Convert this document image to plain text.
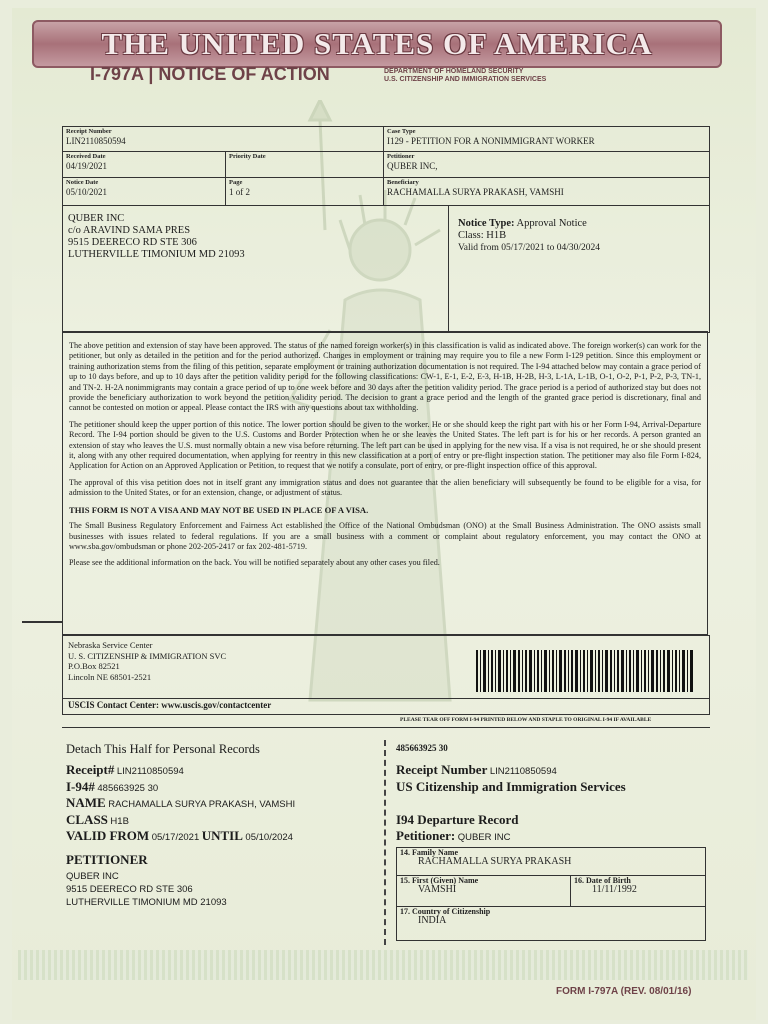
THE UNITED STATES OF AMERICA
I-797A | NOTICE OF ACTION	DEPARTMENT OF HOMELAND SECURITY
U.S. CITIZENSHIP AND IMMIGRATION SERVICES
Receipt Number
LIN2110850594
Case Type
I129 - PETITION FOR A NONIMMIGRANT WORKER
Received Date
04/19/2021
Priority Date	Petitioner
QUBER INC,
Notice Date
05/10/2021
Page
1 of 2
Beneficiary
RACHAMALLA SURYA PRAKASH, VAMSHI
QUBER INC
c/o ARAVIND SAMA PRES
9515 DEERECO RD STE 306
LUTHERVILLE TIMONIUM MD 21093
Notice Type: Approval Notice
Class: H1B
Valid from 05/17/2021 to 04/30/2024

The above petition and extension of stay have been approved. The status of the named foreign worker(s) in this classification is valid as indicated above. The foreign worker(s) can work for the petitioner, but only as detailed in the petition and for the period authorized. Changes in employment or training may require you to file a new Form I-129 petition. Since this employment or training authorization stems from the filing of this petition, separate employment or training authorization documentation is not required. The I-94 attached below may contain a grace period of up to 10 days before, and up to 10 days after the petition validity period for the following classifications: CW-1, E-1, E-2, E-3, H-1B, H-2B, H-3, L-1A, L-1B, O-1, O-2, P-1, P-2, P-3, TN-1, and TN-2. H-2A nonimmigrants may contain a grace period of up to one week before and 30 days after the petition validity period. The grace period is a period of authorized stay but does not provide the beneficiary authorization to work beyond the petition validity period. The decision to grant a grace period and the length of the granted grace period is discretionary, final and cannot be contested on motion or appeal. Please contact the IRS with any questions about tax withholding.

The petitioner should keep the upper portion of this notice. The lower portion should be given to the worker. He or she should keep the right part with his or her Form I-94, Arrival-Departure Record. The I-94 portion should be given to the U.S. Customs and Border Protection when he or she leaves the United States. The left part is for his or her records. A person granted an extension of stay who leaves the U.S. must normally obtain a new visa before returning. The left part can be used in applying for the new visa. If a visa is not required, he or she should present it, along with any other required documentation, when applying for reentry in this new classification at a port of entry or pre-flight inspection station. The petitioner may also file Form I-824, Application for Action on an Approved Application or Petition, to request that we notify a consulate, port of entry, or pre-flight inspection office of this approval.

The approval of this visa petition does not in itself grant any immigration status and does not guarantee that the alien beneficiary will subsequently be found to be eligible for a visa, for admission to the United States, or for an extension, change, or adjustment of status.

THIS FORM IS NOT A VISA AND MAY NOT BE USED IN PLACE OF A VISA.

The Small Business Regulatory Enforcement and Fairness Act established the Office of the National Ombudsman (ONO) at the Small Business Administration. The ONO assists small businesses with issues related to federal regulations. If you are a small business with a comment or complaint about regulatory enforcement, you may contact the ONO at www.sba.gov/ombudsman or phone 202-205-2417 or fax 202-481-5719.

Please see the additional information on the back. You will be notified separately about any other cases you filed.

Nebraska Service Center
U. S. CITIZENSHIP & IMMIGRATION SVC
P.O.Box 82521
Lincoln NE 68501-2521
USCIS Contact Center: www.uscis.gov/contactcenter
PLEASE TEAR OFF FORM I-94 PRINTED BELOW AND STAPLE TO ORIGINAL I-94 IF AVAILABLE
Detach This Half for Personal Records
Receipt# LIN2110850594
I-94# 485663925 30
NAME RACHAMALLA SURYA PRAKASH, VAMSHI
CLASS H1B
VALID FROM 05/17/2021 UNTIL 05/10/2024
PETITIONER
QUBER INC
9515 DEERECO RD STE 306
LUTHERVILLE TIMONIUM MD 21093
485663925 30
Receipt Number LIN2110850594
US Citizenship and Immigration Services
I94 Departure Record
Petitioner: QUBER INC
14. Family Name
RACHAMALLA SURYA PRAKASH
15. First (Given) Name
VAMSHI
16. Date of Birth
11/11/1992
17. Country of Citizenship
INDIA
FORM I-797A (REV. 08/01/16)
